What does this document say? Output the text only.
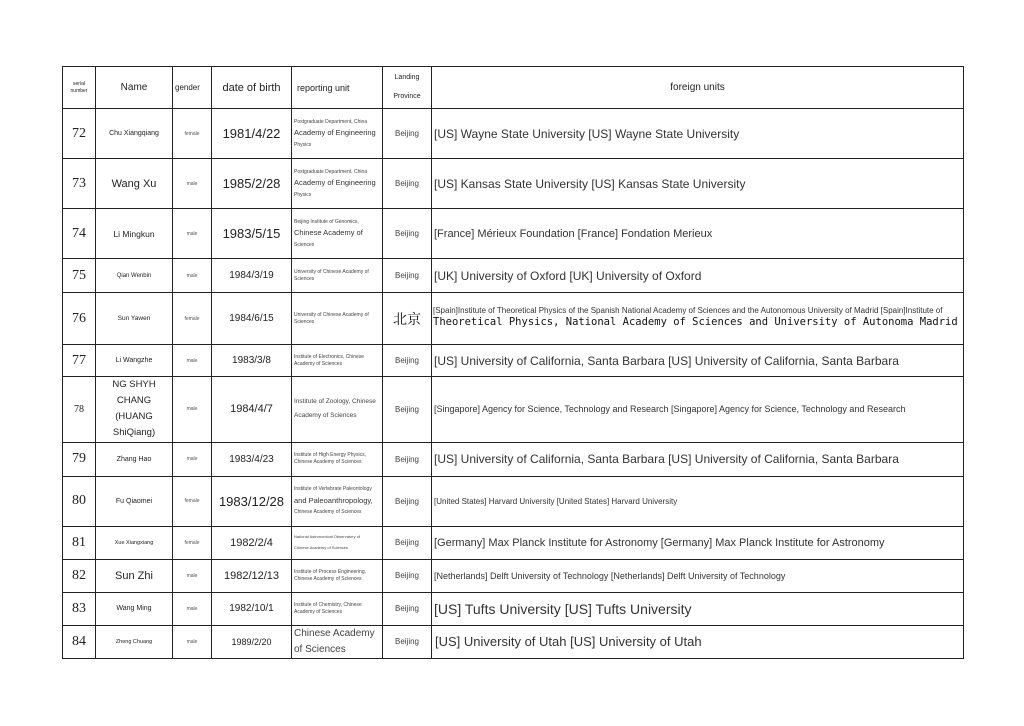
serial number	Name	gender	date of birth	reporting unit	Landing
Province	foreign units
72	Chu Xiangqiang	female	1981/4/22	Postgraduate Department, China
Academy of Engineering
Physics	Beijing	[US] Wayne State University [US] Wayne State University
73	Wang Xu	male	1985/2/28	Postgraduate Department, China
Academy of Engineering
Physics	Beijing	[US] Kansas State University [US] Kansas State University
74	Li Mingkun	male	1983/5/15	Beijing Institute of Genomics,
Chinese Academy of
Sciences	Beijing	[France] Mérieux Foundation [France] Fondation Merieux
75	Qian Wenbin	male	1984/3/19	University of Chinese Academy of
Sciences	Beijing	[UK] University of Oxford [UK] University of Oxford
76	Sun Yawen	female	1984/6/15	University of Chinese Academy of
Sciences	北京	[Spain]Institute of Theoretical Physics of the Spanish National Academy of Sciences and the Autonomous University of Madrid [Spain]Institute of
Theoretical Physics, National Academy of Sciences and University of Autonoma Madrid

77	Li Wangzhe	male	1983/3/8	Institute of Electronics, Chinese
Academy of Sciences	Beijing	[US] University of California, Santa Barbara [US] University of California, Santa Barbara
78	NG SHYH CHANG (HUANG ShiQiang)	male	1984/4/7	Institute of Zoology, Chinese
Academy of Sciences	Beijing	[Singapore] Agency for Science, Technology and Research [Singapore] Agency for Science, Technology and Research
79	Zhang Hao	male	1983/4/23	Institute of High Energy Physics,
Chinese Academy of Sciences	Beijing	[US] University of California, Santa Barbara [US] University of California, Santa Barbara
80	Fu Qiaomei	female	1983/12/28	Institute of Vertebrate Paleontology
and Paleoanthropology,
Chinese Academy of Sciences	Beijing	[United States] Harvard University [United States] Harvard University
81	Xue Xiangxiang	female	1982/2/4	National Astronomical Observatory of
Chinese Academy of Sciences	Beijing	[Germany] Max Planck Institute for Astronomy [Germany] Max Planck Institute for Astronomy
82	Sun Zhi	male	1982/12/13	Institute of Process Engineering,
Chinese Academy of Sciences	Beijing	[Netherlands] Delft University of Technology [Netherlands] Delft University of Technology
83	Wang Ming	male	1982/10/1	Institute of Chemistry, Chinese
Academy of Sciences	Beijing	[US] Tufts University [US] Tufts University
84	Zheng Chuang	male	1989/2/20	Chinese Academy
of Sciences	Beijing	[US] University of Utah [US] University of Utah
